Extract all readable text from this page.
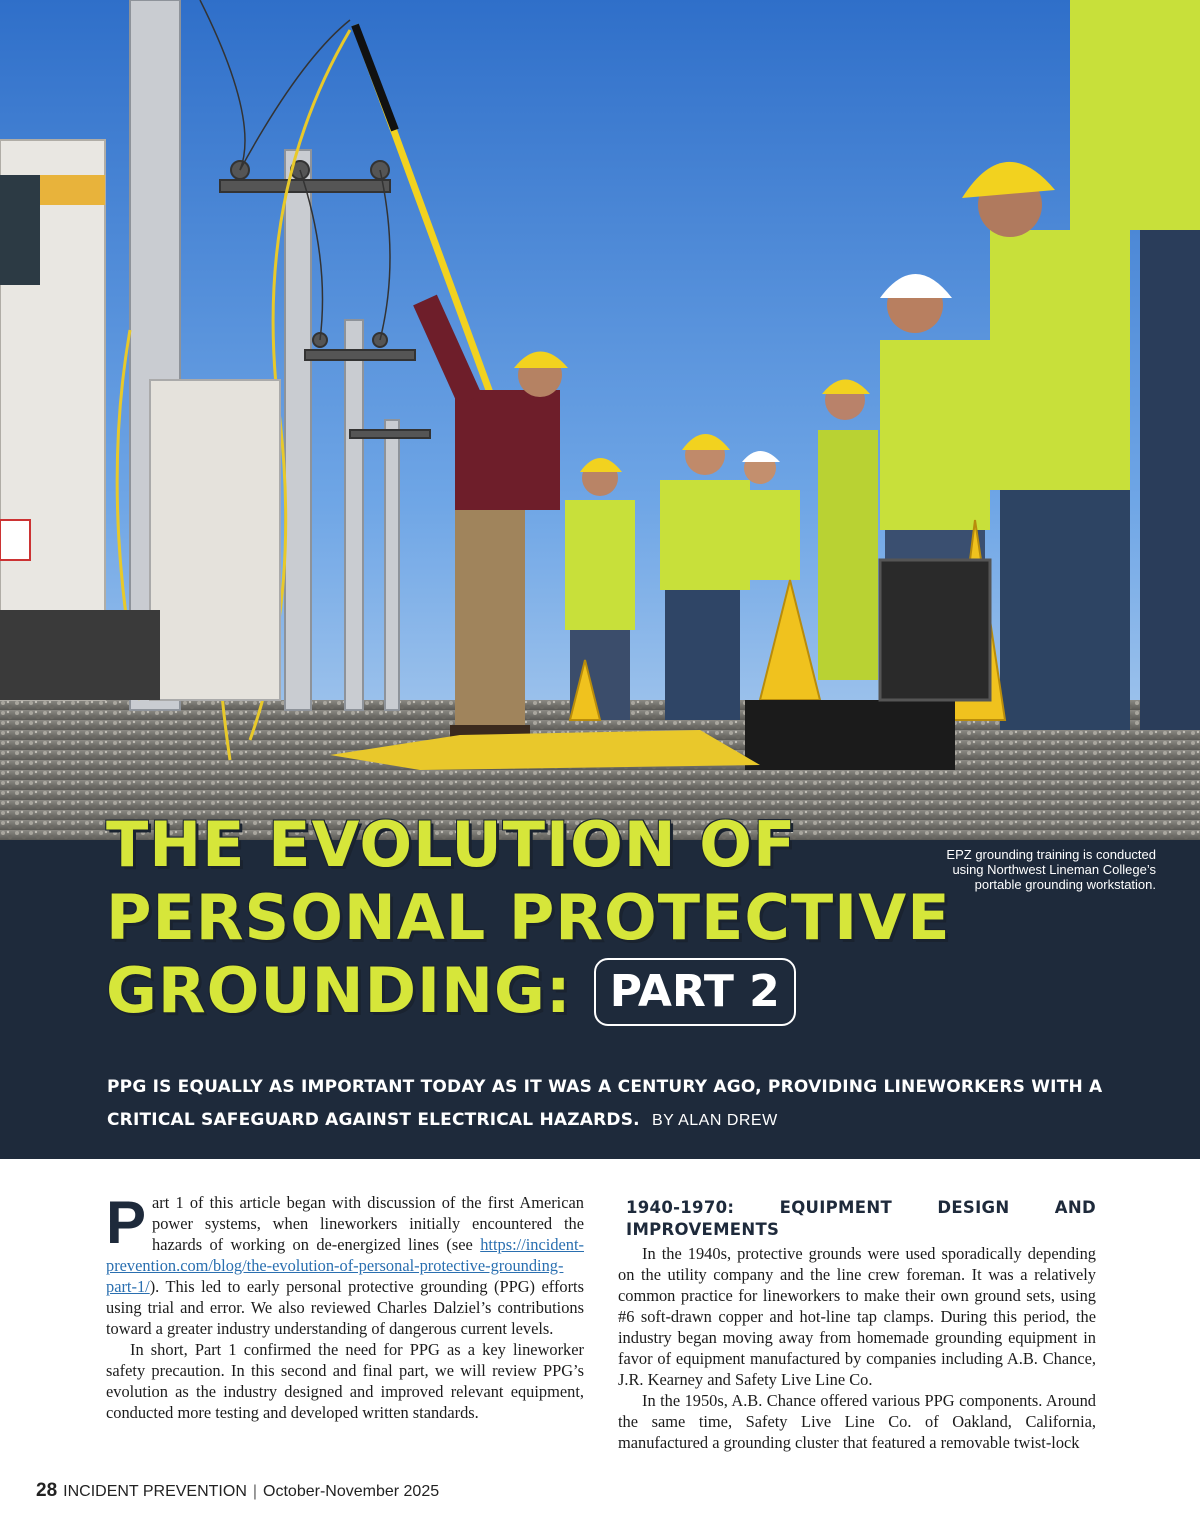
THE EVOLUTION OF
PERSONAL PROTECTIVE
GROUNDING: PART 2
EPZ grounding training is conducted using Northwest Lineman College’s portable grounding workstation.

PPG IS EQUALLY AS IMPORTANT TODAY AS IT WAS A CENTURY AGO, PROVIDING LINEWORKERS WITH A CRITICAL SAFEGUARD AGAINST ELECTRICAL HAZARDS. BY ALAN DREW

Part 1 of this article began with discussion of the first American power systems, when lineworkers initially encountered the hazards of working on de-energized lines (see https://incident-prevention.com/blog/the-evolution-of-personal-protective-grounding-part-1/). This led to early personal protective grounding (PPG) efforts using trial and error. We also reviewed Charles Dalziel’s contributions toward a greater industry understanding of dangerous current levels.

In short, Part 1 confirmed the need for PPG as a key lineworker safety precaution. In this second and final part, we will review PPG’s evolution as the industry designed and improved relevant equipment, conducted more testing and developed written standards.

1940-1970: EQUIPMENT DESIGN AND IMPROVEMENTS

In the 1940s, protective grounds were used sporadically depending on the utility company and the line crew foreman. It was a relatively common practice for lineworkers to make their own ground sets, using #6 soft-drawn copper and hot-line tap clamps. During this period, the industry began moving away from homemade grounding equipment in favor of equipment manufactured by companies including A.B. Chance, J.R. Kearney and Safety Live Line Co.

In the 1950s, A.B. Chance offered various PPG components. Around the same time, Safety Live Line Co. of Oakland, California, manufactured a grounding cluster that featured a removable twist-lock

28 INCIDENT PREVENTION | October-November 2025
